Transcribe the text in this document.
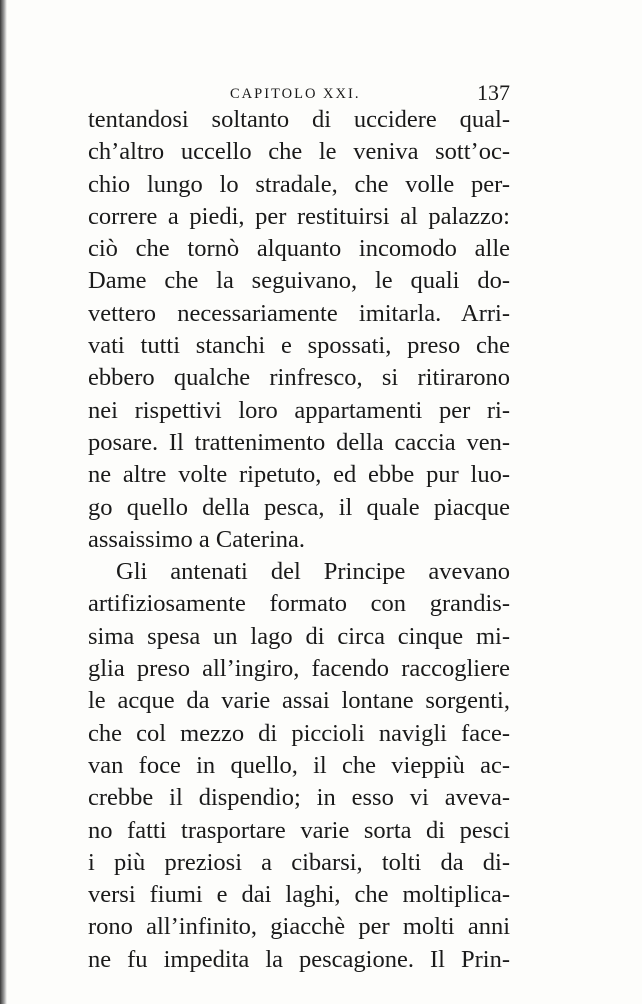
CAPITOLO XXI.	137
tentandosi soltanto di uccidere qual-
ch’altro uccello che le veniva sott’oc-
chio lungo lo stradale, che volle per-
correre a piedi, per restituirsi al palazzo:
ciò che tornò alquanto incomodo alle
Dame che la seguivano, le quali do-
vettero necessariamente imitarla. Arri-
vati tutti stanchi e spossati, preso che
ebbero qualche rinfresco, si ritirarono
nei rispettivi loro appartamenti per ri-
posare. Il trattenimento della caccia ven-
ne altre volte ripetuto, ed ebbe pur luo-
go quello della pesca, il quale piacque
assaissimo a Caterina.
Gli antenati del Principe avevano
artifiziosamente formato con grandis-
sima spesa un lago di circa cinque mi-
glia preso all’ingiro, facendo raccogliere
le acque da varie assai lontane sorgenti,
che col mezzo di piccioli navigli face-
van foce in quello, il che vieppiù ac-
crebbe il dispendio; in esso vi aveva-
no fatti trasportare varie sorta di pesci
i più preziosi a cibarsi, tolti da di-
versi fiumi e dai laghi, che moltiplica-
rono all’infinito, giacchè per molti anni
ne fu impedita la pescagione. Il Prin-
